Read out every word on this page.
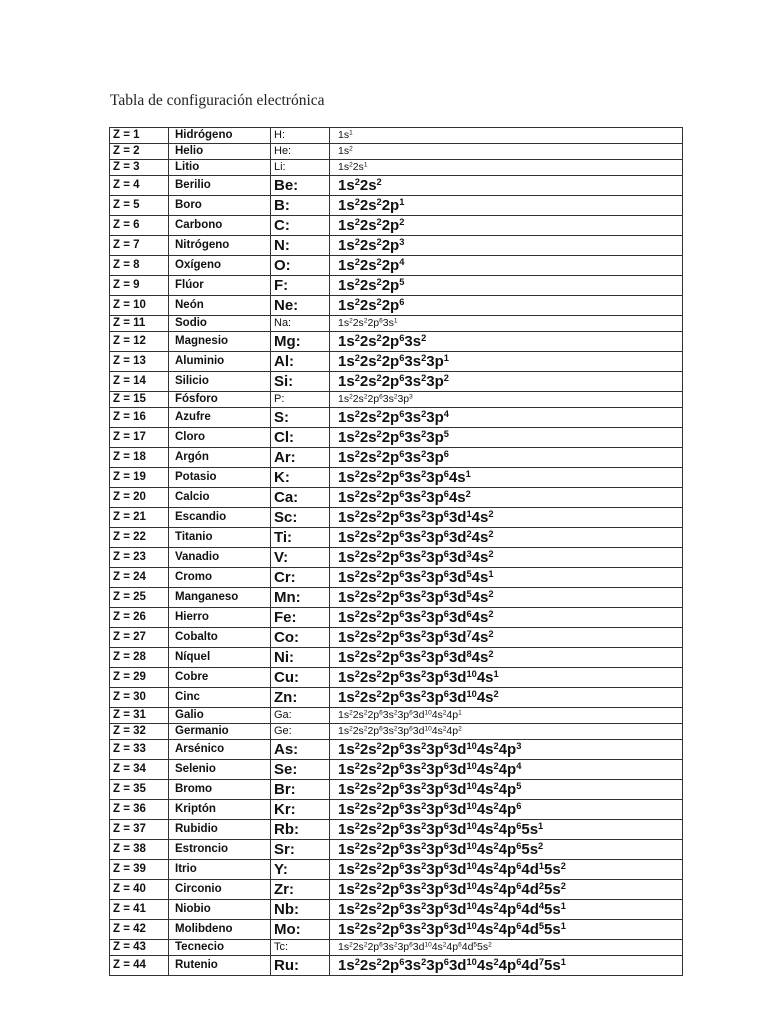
Tabla de configuración electrónica
Z = 1	Hidrógeno	H:	$1s^1$
Z = 2	Helio	He:	$1s^2$
Z = 3	Litio	Li:	$1s^22s^1$
Z = 4	Berilio	Be:	$1s^22s^2$
Z = 5	Boro	B:	$1s^22s^22p^1$
Z = 6	Carbono	C:	$1s^22s^22p^2$
Z = 7	Nitrógeno	N:	$1s^22s^22p^3$
Z = 8	Oxígeno	O:	$1s^22s^22p^4$
Z = 9	Flúor	F:	$1s^22s^22p^5$
Z = 10	Neón	Ne:	$1s^22s^22p^6$
Z = 11	Sodio	Na:	$1s^22s^22p^63s^1$
Z = 12	Magnesio	Mg:	$1s^22s^22p^63s^2$
Z = 13	Aluminio	Al:	$1s^22s^22p^63s^23p^1$
Z = 14	Silicio	Si:	$1s^22s^22p^63s^23p^2$
Z = 15	Fósforo	P:	$1s^22s^22p^63s^23p^3$
Z = 16	Azufre	S:	$1s^22s^22p^63s^23p^4$
Z = 17	Cloro	Cl:	$1s^22s^22p^63s^23p^5$
Z = 18	Argón	Ar:	$1s^22s^22p^63s^23p^6$
Z = 19	Potasio	K:	$1s^22s^22p^63s^23p^64s^1$
Z = 20	Calcio	Ca:	$1s^22s^22p^63s^23p^64s^2$
Z = 21	Escandio	Sc:	$1s^22s^22p^63s^23p^63d^14s^2$
Z = 22	Titanio	Ti:	$1s^22s^22p^63s^23p^63d^24s^2$
Z = 23	Vanadio	V:	$1s^22s^22p^63s^23p^63d^34s^2$
Z = 24	Cromo	Cr:	$1s^22s^22p^63s^23p^63d^54s^1$
Z = 25	Manganeso	Mn:	$1s^22s^22p^63s^23p^63d^54s^2$
Z = 26	Hierro	Fe:	$1s^22s^22p^63s^23p^63d^64s^2$
Z = 27	Cobalto	Co:	$1s^22s^22p^63s^23p^63d^74s^2$
Z = 28	Níquel	Ni:	$1s^22s^22p^63s^23p^63d^84s^2$
Z = 29	Cobre	Cu:	$1s^22s^22p^63s^23p^63d^{10}4s^1$
Z = 30	Cinc	Zn:	$1s^22s^22p^63s^23p^63d^{10}4s^2$
Z = 31	Galio	Ga:	$1s^22s^22p^63s^23p^63d^{10}4s^24p^1$
Z = 32	Germanio	Ge:	$1s^22s^22p^63s^23p^63d^{10}4s^24p^2$
Z = 33	Arsénico	As:	$1s^22s^22p^63s^23p^63d^{10}4s^24p^3$
Z = 34	Selenio	Se:	$1s^22s^22p^63s^23p^63d^{10}4s^24p^4$
Z = 35	Bromo	Br:	$1s^22s^22p^63s^23p^63d^{10}4s^24p^5$
Z = 36	Kriptón	Kr:	$1s^22s^22p^63s^23p^63d^{10}4s^24p^6$
Z = 37	Rubidio	Rb:	$1s^22s^22p^63s^23p^63d^{10}4s^24p^65s^1$
Z = 38	Estroncio	Sr:	$1s^22s^22p^63s^23p^63d^{10}4s^24p^65s^2$
Z = 39	Itrio	Y:	$1s^22s^22p^63s^23p^63d^{10}4s^24p^64d^15s^2$
Z = 40	Circonio	Zr:	$1s^22s^22p^63s^23p^63d^{10}4s^24p^64d^25s^2$
Z = 41	Niobio	Nb:	$1s^22s^22p^63s^23p^63d^{10}4s^24p^64d^45s^1$
Z = 42	Molibdeno	Mo:	$1s^22s^22p^63s^23p^63d^{10}4s^24p^64d^55s^1$
Z = 43	Tecnecio	Tc:	$1s^22s^22p^63s^23p^63d^{10}4s^24p^64d^55s^2$
Z = 44	Rutenio	Ru:	$1s^22s^22p^63s^23p^63d^{10}4s^24p^64d^75s^1$
